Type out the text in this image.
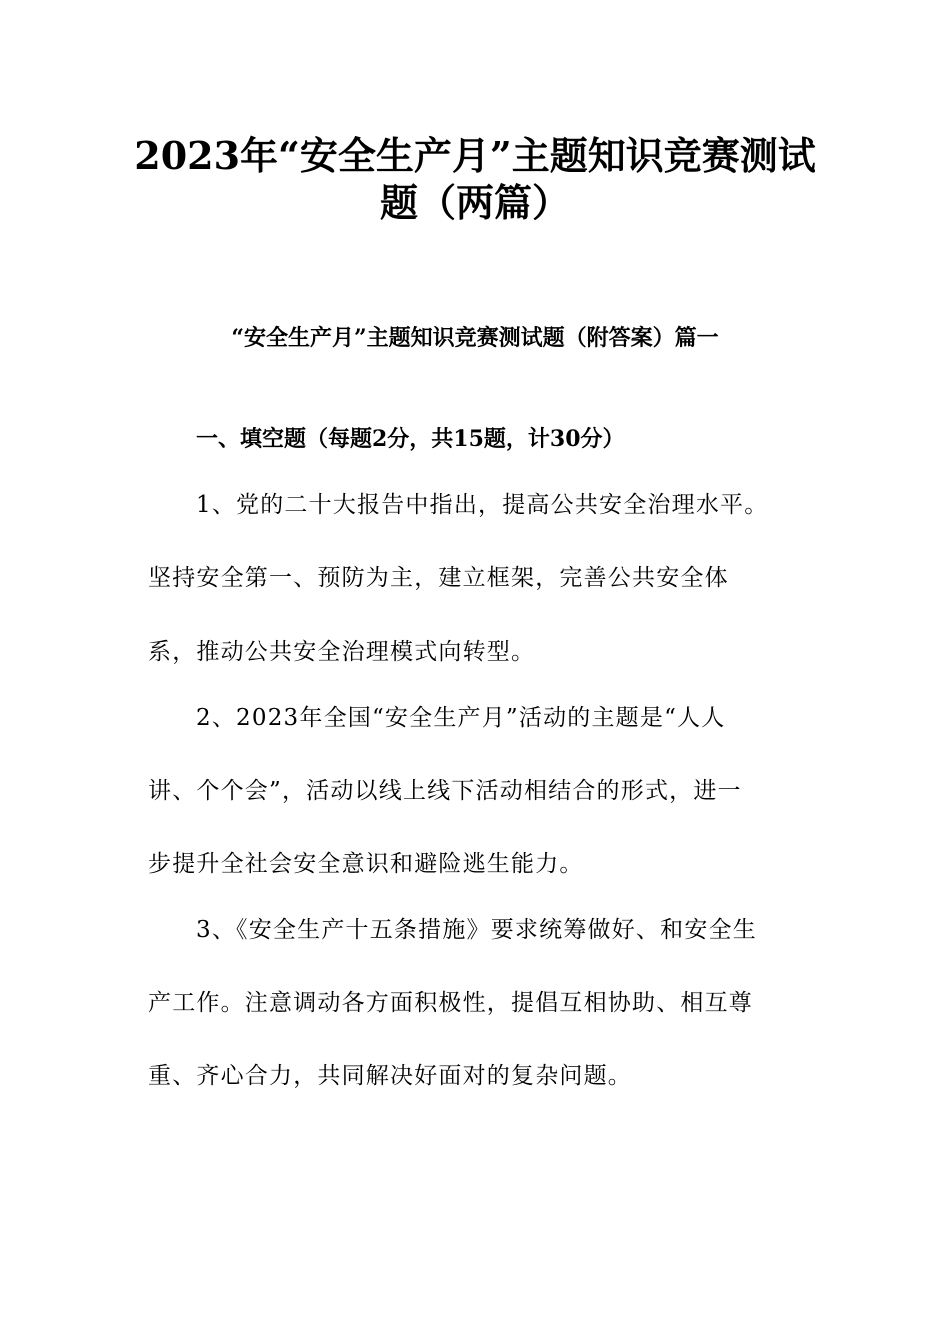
2023年“安全生产月”主题知识竞赛测试
题（两篇）
“安全生产月”主题知识竞赛测试题（附答案）篇一
一、填空题（每题2分，共15题，计30分）
1、党的二十大报告中指出，提高公共安全治理水平。
坚持安全第一、预防为主，建立框架，完善公共安全体
系，推动公共安全治理模式向转型。
2、2023年全国“安全生产月”活动的主题是“人人
讲、个个会”，活动以线上线下活动相结合的形式，进一
步提升全社会安全意识和避险逃生能力。
3、《安全生产十五条措施》要求统筹做好、和安全生
产工作。注意调动各方面积极性，提倡互相协助、相互尊
重、齐心合力，共同解决好面对的复杂问题。
